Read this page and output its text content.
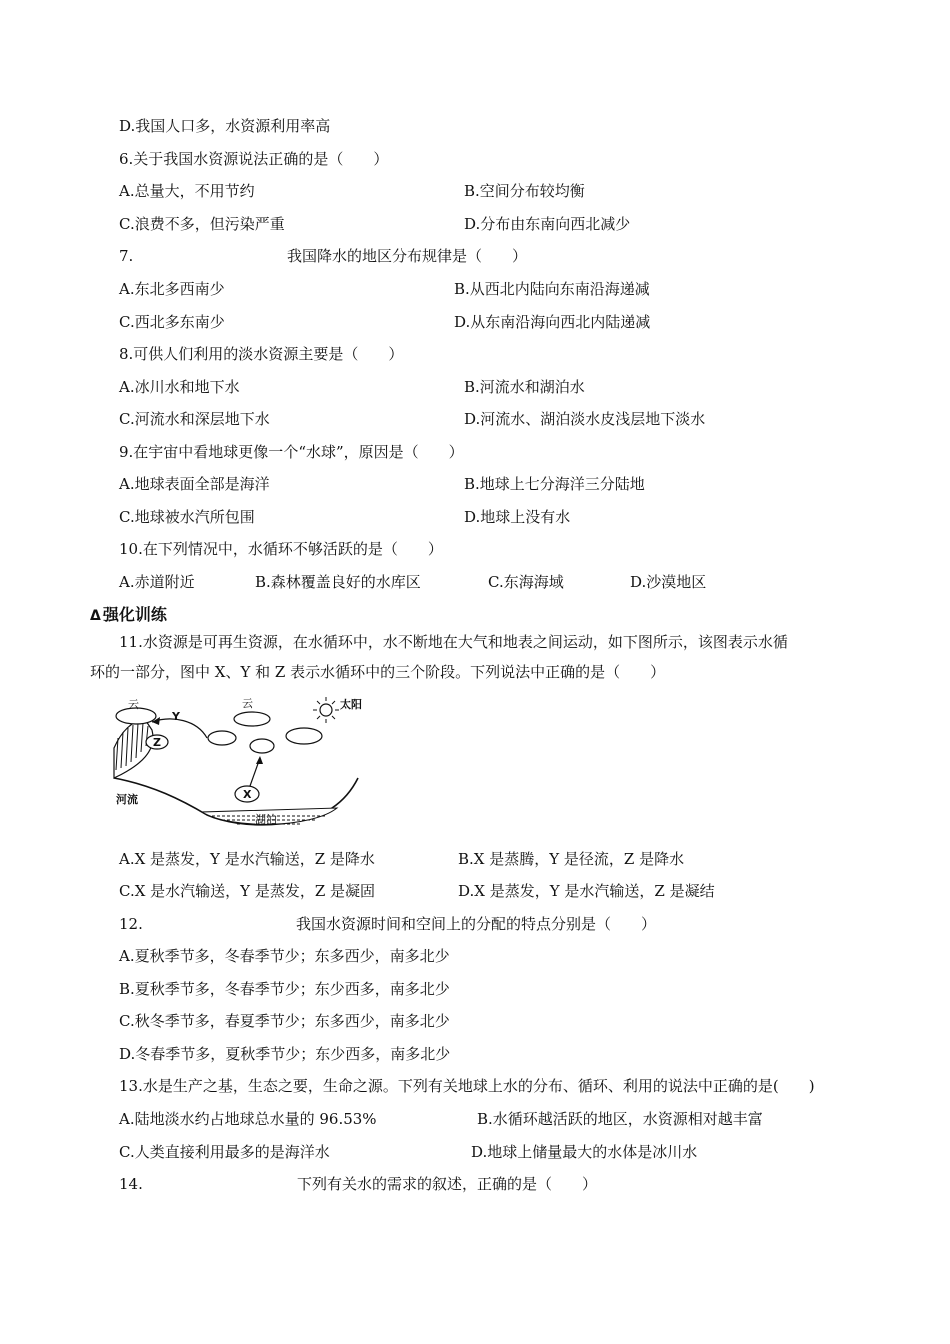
D.我国人口多，水资源利用率高
6.关于我国水资源说法正确的是（　　）
A.总量大，不用节约	B.空间分布较均衡
C.浪费不多，但污染严重	D.分布由东南向西北减少
7.	我国降水的地区分布规律是（　　）
A.东北多西南少	B.从西北内陆向东南沿海递减
C.西北多东南少	D.从东南沿海向西北内陆递减
8.可供人们利用的淡水资源主要是（　　）
A.冰川水和地下水	B.河流水和湖泊水
C.河流水和深层地下水	D.河流水、湖泊淡水皮浅层地下淡水
9.在宇宙中看地球更像一个“水球”，原因是（　　）
A.地球表面全部是海洋	B.地球上七分海洋三分陆地
C.地球被水汽所包围	D.地球上没有水
10.在下列情况中，水循环不够活跃的是（　　）
A.赤道附近	B.森林覆盖良好的水库区	C.东海海域	D.沙漠地区
Δ 强化训练
11.水资源是可再生资源，在水循环中，水不断地在大气和地表之间运动，如下图所示，该图表示水循
环的一部分，图中 X、Y 和 Z 表示水循环中的三个阶段。下列说法中正确的是（　　）
湖泊
云
Z
Y
云	太阳
X
河流
A.X 是蒸发，Y 是水汽输送，Z 是降水	B.X 是蒸腾，Y 是径流，Z 是降水
C.X 是水汽输送，Y 是蒸发，Z 是凝固	D.X 是蒸发，Y 是水汽输送，Z 是凝结
12.	我国水资源时间和空间上的分配的特点分别是（　　）
A.夏秋季节多，冬春季节少；东多西少，南多北少
B.夏秋季节多，冬春季节少；东少西多，南多北少
C.秋冬季节多，春夏季节少；东多西少，南多北少
D.冬春季节多，夏秋季节少；东少西多，南多北少
13.水是生产之基，生态之要，生命之源。下列有关地球上水的分布、循环、利用的说法中正确的是(　　)
A.陆地淡水约占地球总水量的 96.53%	B.水循环越活跃的地区，水资源相对越丰富
C.人类直接利用最多的是海洋水	D.地球上储量最大的水体是冰川水
14.	下列有关水的需求的叙述，正确的是（　　）
